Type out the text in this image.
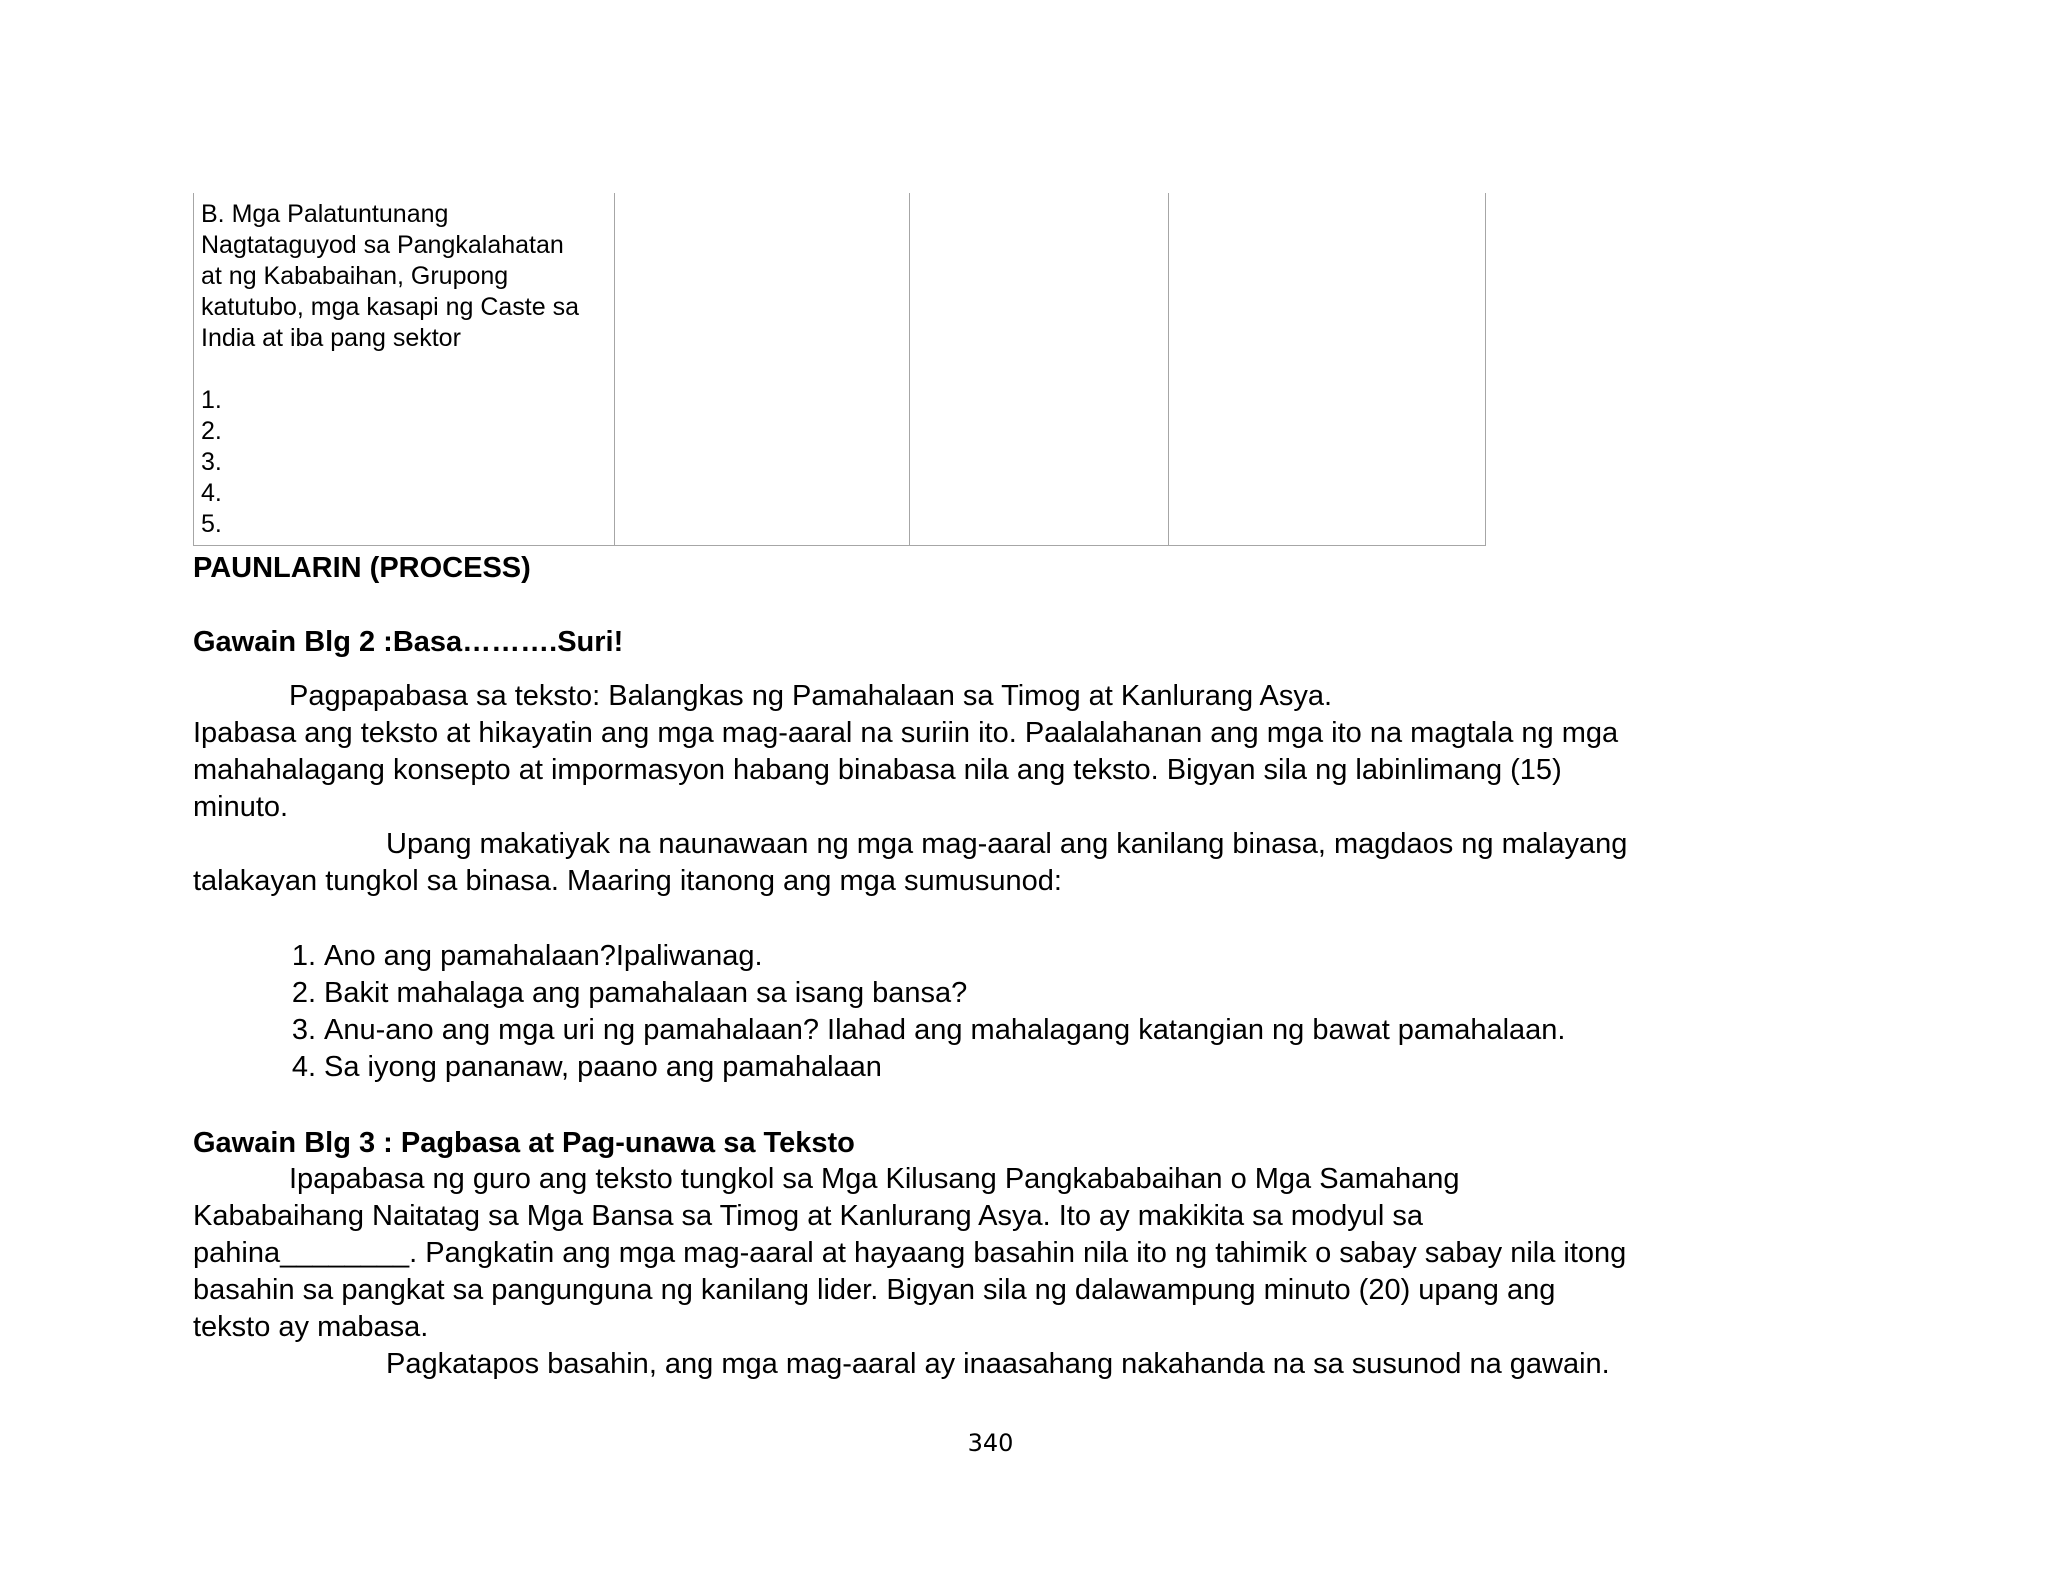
B. Mga Palatuntunang
Nagtataguyod sa Pangkalahatan
at ng Kababaihan, Grupong
katutubo, mga kasapi ng Caste sa
India at iba pang sektor
1.
2.
3.
4.
5.

PAUNLARIN (PROCESS)
Gawain Blg 2 :Basa……….Suri!
Pagpapabasa sa teksto: Balangkas ng Pamahalaan sa Timog at Kanlurang Asya.
Ipabasa ang teksto at hikayatin ang mga mag-aaral na suriin ito. Paalalahanan ang mga ito na magtala ng mga
mahahalagang konsepto at impormasyon habang binabasa nila ang teksto. Bigyan sila ng labinlimang (15)
minuto.
Upang makatiyak na naunawaan ng mga mag-aaral ang kanilang binasa, magdaos ng malayang
talakayan tungkol sa binasa. Maaring itanong ang mga sumusunod:
1. Ano ang pamahalaan?Ipaliwanag.
2. Bakit mahalaga ang pamahalaan sa isang bansa?
3. Anu-ano ang mga uri ng pamahalaan? Ilahad ang mahalagang katangian ng bawat pamahalaan.
4. Sa iyong pananaw, paano ang pamahalaan
Gawain Blg 3 : Pagbasa at Pag-unawa sa Teksto
Ipapabasa ng guro ang teksto tungkol sa Mga Kilusang Pangkababaihan o Mga Samahang
Kababaihang Naitatag sa Mga Bansa sa Timog at Kanlurang Asya. Ito ay makikita sa modyul sa
pahina________. Pangkatin ang mga mag-aaral at hayaang basahin nila ito ng tahimik o sabay sabay nila itong
basahin sa pangkat sa pangunguna ng kanilang lider. Bigyan sila ng dalawampung minuto (20) upang ang
teksto ay mabasa.
Pagkatapos basahin, ang mga mag-aaral ay inaasahang nakahanda na sa susunod na gawain.
340
